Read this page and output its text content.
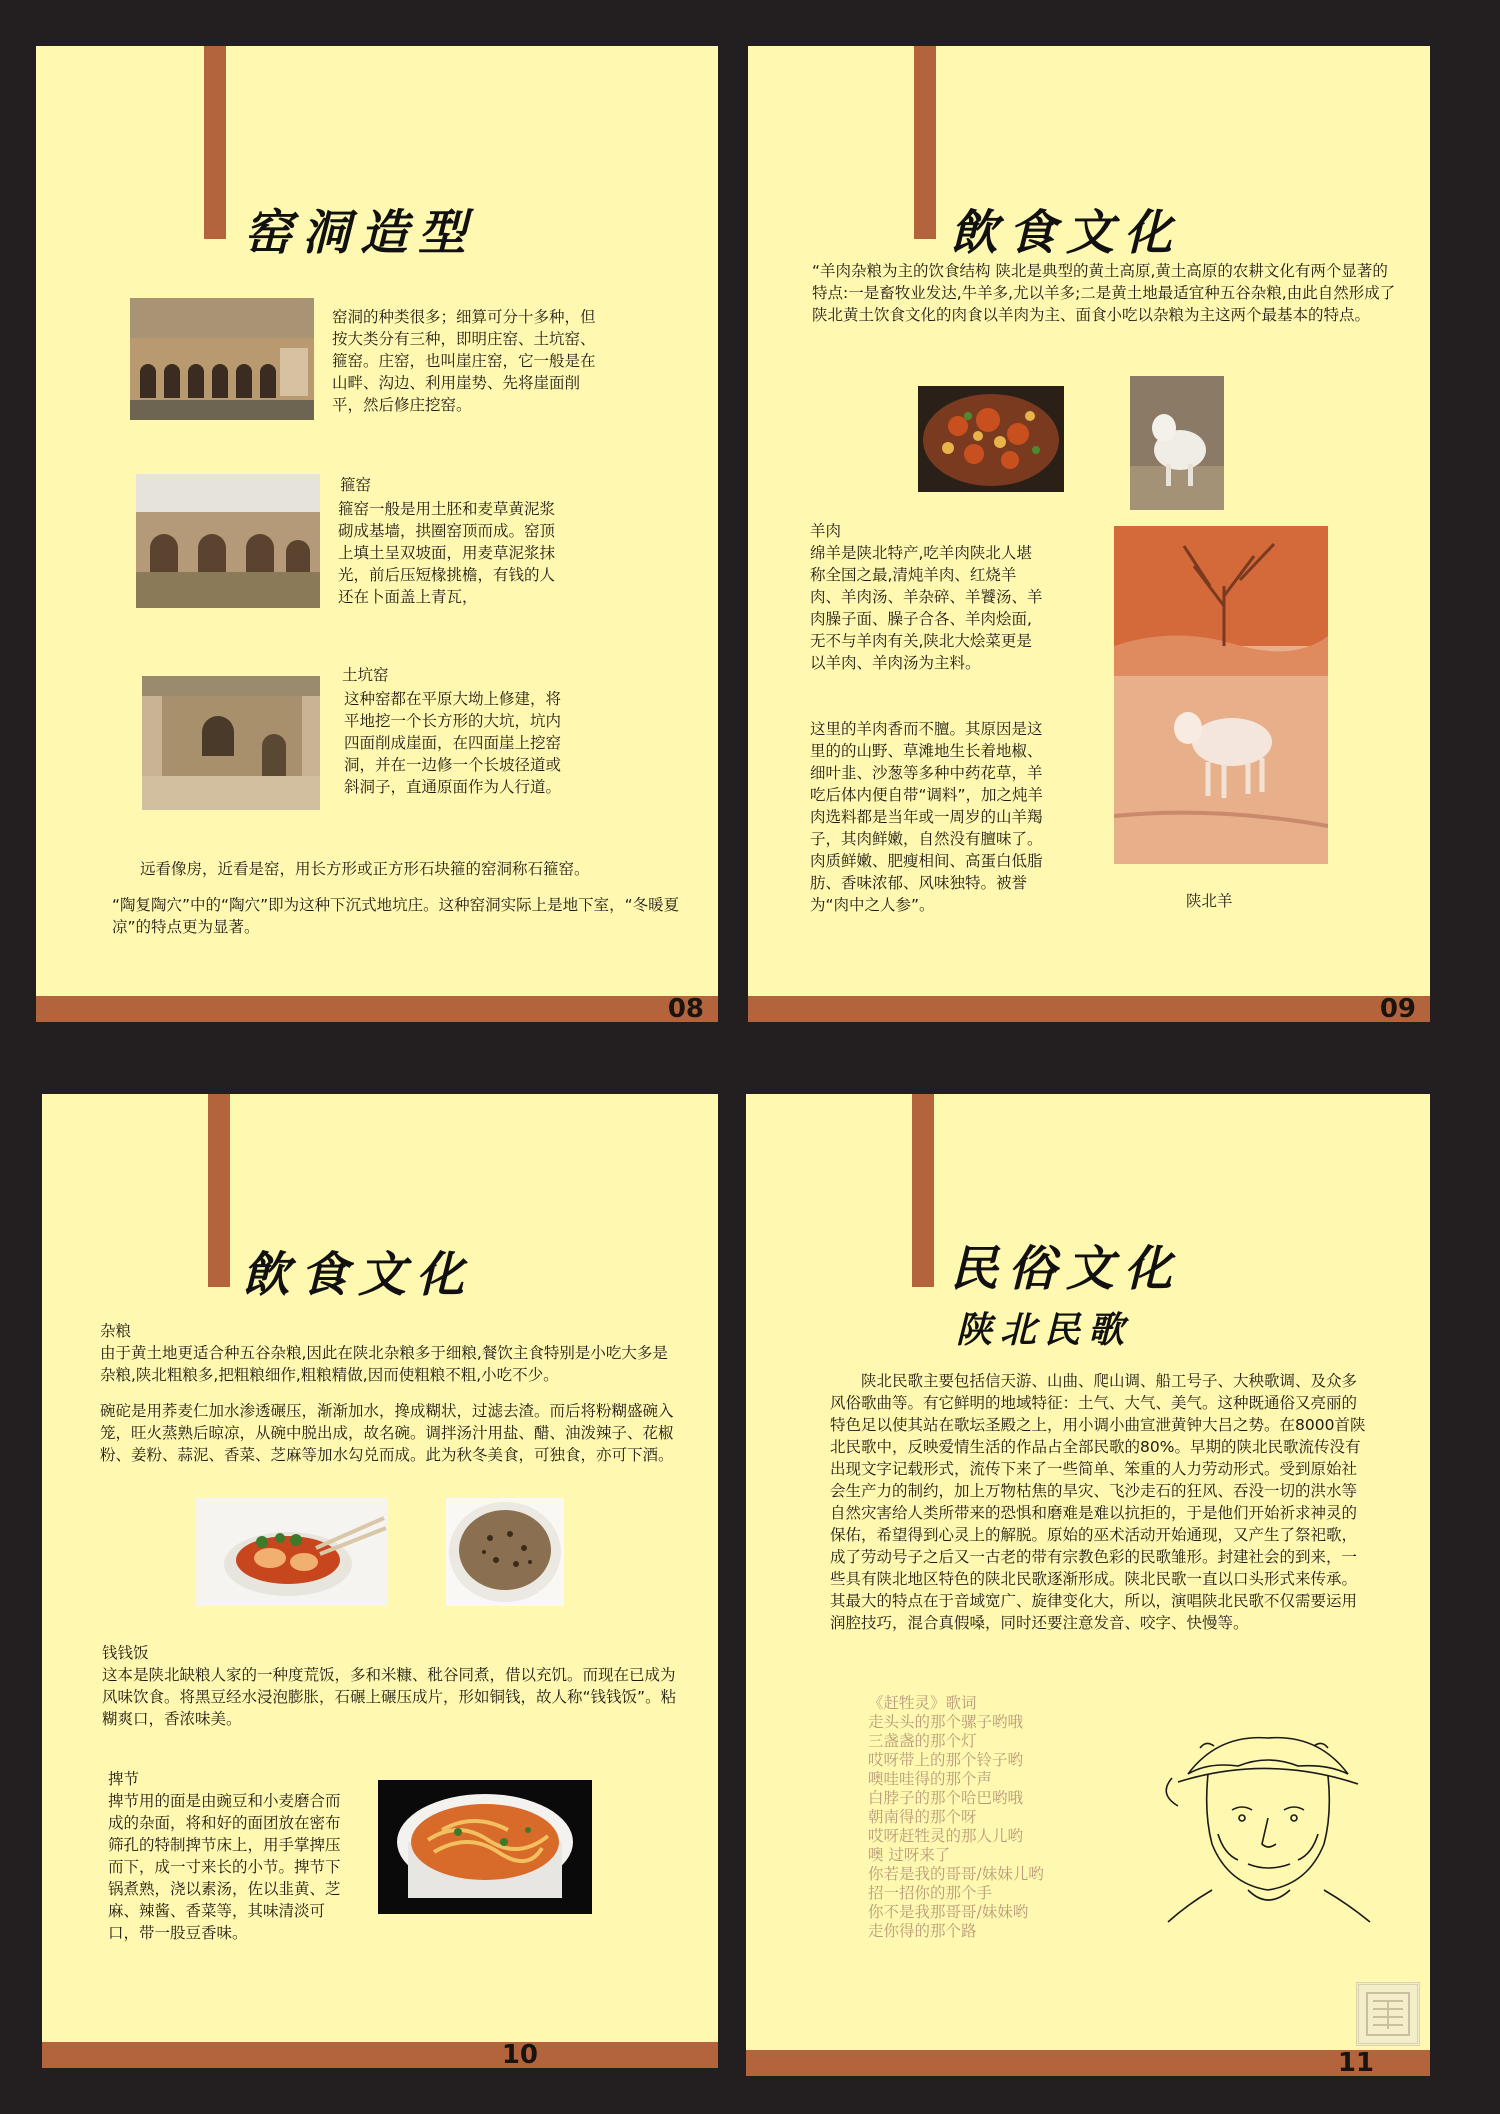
窑洞造型
窑洞的种类很多；细算可分十多种，但按大类分有三种，即明庄窑、土坑窑、箍窑。庄窑，也叫崖庄窑，它一般是在山畔、沟边、利用崖势、先将崖面削平，然后修庄挖窑。
箍窑
箍窑一般是用土胚和麦草黄泥浆砌成基墙，拱圈窑顶而成。窑顶上填土呈双坡面，用麦草泥浆抹光，前后压短椽挑檐，有钱的人还在卜面盖上青瓦，
土坑窑
这种窑都在平原大坳上修建，将平地挖一个长方形的大坑，坑内四面削成崖面，在四面崖上挖窑洞，并在一边修一个长坡径道或斜洞子，直通原面作为人行道。
远看像房，近看是窑，用长方形或正方形石块箍的窑洞称石箍窑。
“陶复陶穴”中的“陶穴”即为这种下沉式地坑庄。这种窑洞实际上是地下室，“冬暖夏凉”的特点更为显著。
08
飲食文化
“羊肉杂粮为主的饮食结构 陕北是典型的黄土高原,黄土高原的农耕文化有两个显著的特点:一是畜牧业发达,牛羊多,尤以羊多;二是黄土地最适宜种五谷杂粮,由此自然形成了陕北黄土饮食文化的肉食以羊肉为主、面食小吃以杂粮为主这两个最基本的特点。
羊肉
绵羊是陕北特产,吃羊肉陕北人堪称全国之最,清炖羊肉、红烧羊肉、羊肉汤、羊杂碎、羊饕汤、羊肉臊子面、臊子合各、羊肉烩面,无不与羊肉有关,陕北大烩菜更是以羊肉、羊肉汤为主料。
这里的羊肉香而不膻。其原因是这里的的山野、草滩地生长着地椒、细叶韭、沙葱等多种中药花草，羊吃后体内便自带“调料”，加之炖羊肉选料都是当年或一周岁的山羊羯子，其肉鲜嫩，自然没有膻味了。肉质鲜嫩、肥瘦相间、高蛋白低脂肪、香味浓郁、风味独特。被誉为“肉中之人参”。	陕北羊
09
飲食文化
杂粮
由于黄土地更适合种五谷杂粮,因此在陕北杂粮多于细粮,餐饮主食特别是小吃大多是杂粮,陕北粗粮多,把粗粮细作,粗粮精做,因而使粗粮不粗,小吃不少。
碗砣是用荞麦仁加水渗透碾压，渐渐加水，搀成糊状，过滤去渣。而后将粉糊盛碗入笼，旺火蒸熟后晾凉，从碗中脱出成，故名碗。调拌汤汁用盐、醋、油泼辣子、花椒粉、姜粉、蒜泥、香菜、芝麻等加水勾兑而成。此为秋冬美食，可独食，亦可下酒。
钱钱饭
这本是陕北缺粮人家的一种度荒饭，多和米糠、秕谷同煮，借以充饥。而现在已成为风味饮食。将黑豆经水浸泡膨胀，石碾上碾压成片，形如铜钱，故人称“钱钱饭”。粘糊爽口，香浓味美。
捭节
捭节用的面是由豌豆和小麦磨合而成的杂面，将和好的面团放在密布筛孔的特制捭节床上，用手掌捭压而下，成一寸来长的小节。捭节下锅煮熟，浇以素汤，佐以韭黄、芝麻、辣酱、香菜等，其味清淡可口，带一股豆香味。
10
民俗文化
陕北民歌
陕北民歌主要包括信天游、山曲、爬山调、船工号子、大秧歌调、及众多风俗歌曲等。有它鲜明的地域特征：土气、大气、美气。这种既通俗又亮丽的特色足以使其站在歌坛圣殿之上，用小调小曲宣泄黄钟大吕之势。在8000首陕北民歌中，反映爱情生活的作品占全部民歌的80%。早期的陕北民歌流传没有出现文字记载形式，流传下来了一些简单、笨重的人力劳动形式。受到原始社会生产力的制约，加上万物枯焦的旱灾、飞沙走石的狂风、吞没一切的洪水等自然灾害给人类所带来的恐惧和磨难是难以抗拒的，于是他们开始祈求神灵的保佑，希望得到心灵上的解脱。原始的巫术活动开始通现，又产生了祭祀歌，成了劳动号子之后又一古老的带有宗教色彩的民歌雏形。封建社会的到来，一些具有陕北地区特色的陕北民歌逐渐形成。陕北民歌一直以口头形式来传承。其最大的特点在于音域宽广、旋律变化大，所以，演唱陕北民歌不仅需要运用润腔技巧，混合真假嗓，同时还要注意发音、咬字、快慢等。
《赶牲灵》歌词
走头头的那个骡子哟哦
三盏盏的那个灯
哎呀带上的那个铃子哟
噢哇哇得的那个声
白脖子的那个哈巴哟哦
朝南得的那个呀
哎呀赶牲灵的那人儿哟
噢 过呀来了
你若是我的哥哥/妹妹儿哟
招一招你的那个手
你不是我那哥哥/妹妹哟
走你得的那个路
11
